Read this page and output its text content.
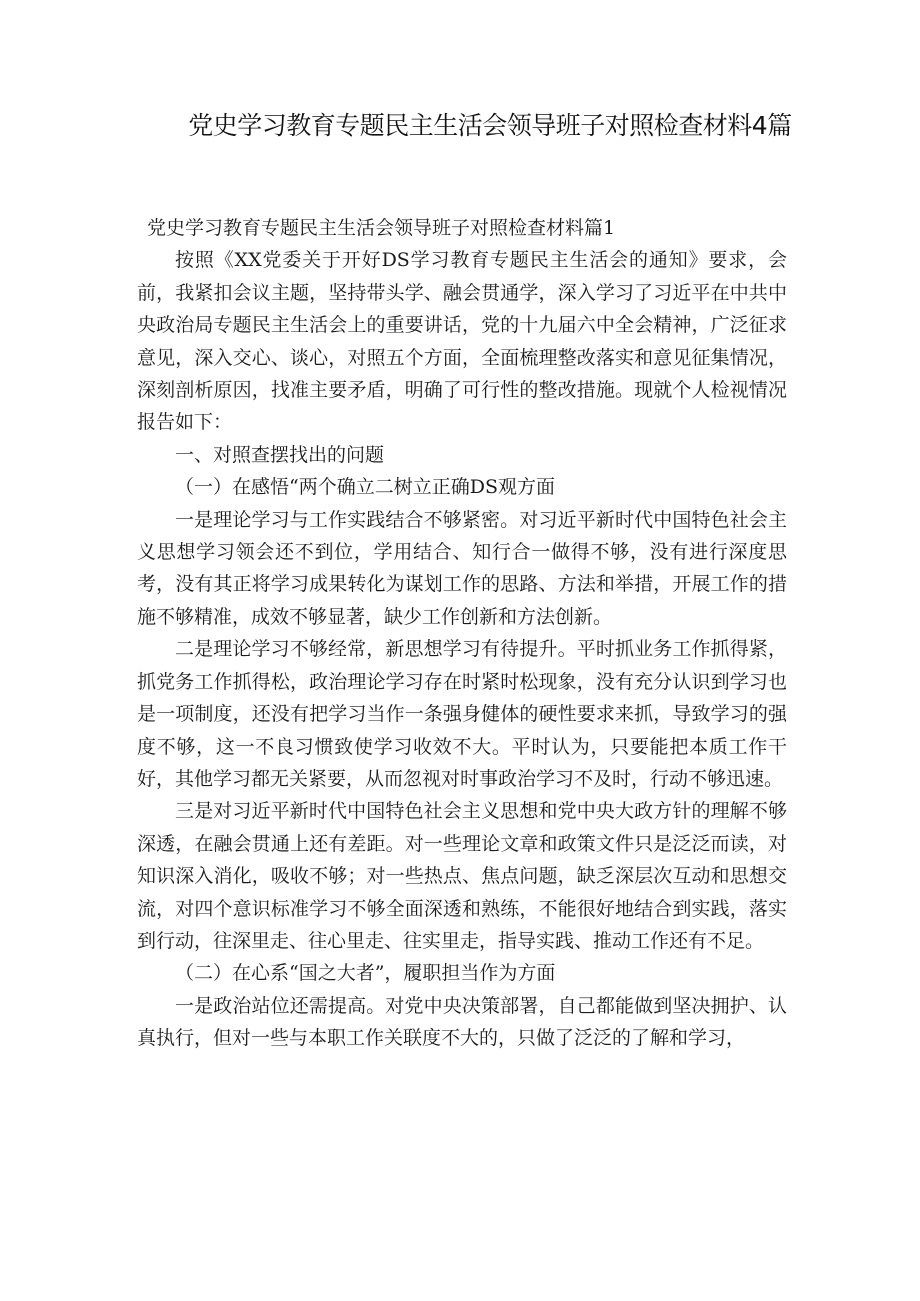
党史学习教育专题民主生活会领导班子对照检查材料4篇

党史学习教育专题民主生活会领导班子对照检查材料篇1

按照《XX党委关于开好DS学习教育专题民主生活会的通知》要求，会前，我紧扣会议主题，坚持带头学、融会贯通学，深入学习了习近平在中共中央政治局专题民主生活会上的重要讲话，党的十九届六中全会精神，广泛征求意见，深入交心、谈心，对照五个方面，全面梳理整改落实和意见征集情况，深刻剖析原因，找准主要矛盾，明确了可行性的整改措施。现就个人检视情况报告如下：

一、对照查摆找出的问题

（一）在感悟“两个确立二树立正确DS观方面

一是理论学习与工作实践结合不够紧密。对习近平新时代中国特色社会主义思想学习领会还不到位，学用结合、知行合一做得不够，没有进行深度思考，没有其正将学习成果转化为谋划工作的思路、方法和举措，开展工作的措施不够精准，成效不够显著，缺少工作创新和方法创新。

二是理论学习不够经常，新思想学习有待提升。平时抓业务工作抓得紧，抓党务工作抓得松，政治理论学习存在时紧时松现象，没有充分认识到学习也是一项制度，还没有把学习当作一条强身健体的硬性要求来抓，导致学习的强度不够，这一不良习惯致使学习收效不大。平时认为，只要能把本质工作干好，其他学习都无关紧要，从而忽视对时事政治学习不及时，行动不够迅速。

三是对习近平新时代中国特色社会主义思想和党中央大政方针的理解不够深透，在融会贯通上还有差距。对一些理论文章和政策文件只是泛泛而读，对知识深入消化，吸收不够；对一些热点、焦点问题，缺乏深层次互动和思想交流，对四个意识标准学习不够全面深透和熟练，不能很好地结合到实践，落实到行动，往深里走、往心里走、往实里走，指导实践、推动工作还有不足。

（二）在心系“国之大者”，履职担当作为方面

一是政治站位还需提高。对党中央决策部署，自己都能做到坚决拥护、认真执行，但对一些与本职工作关联度不大的，只做了泛泛的了解和学习，
